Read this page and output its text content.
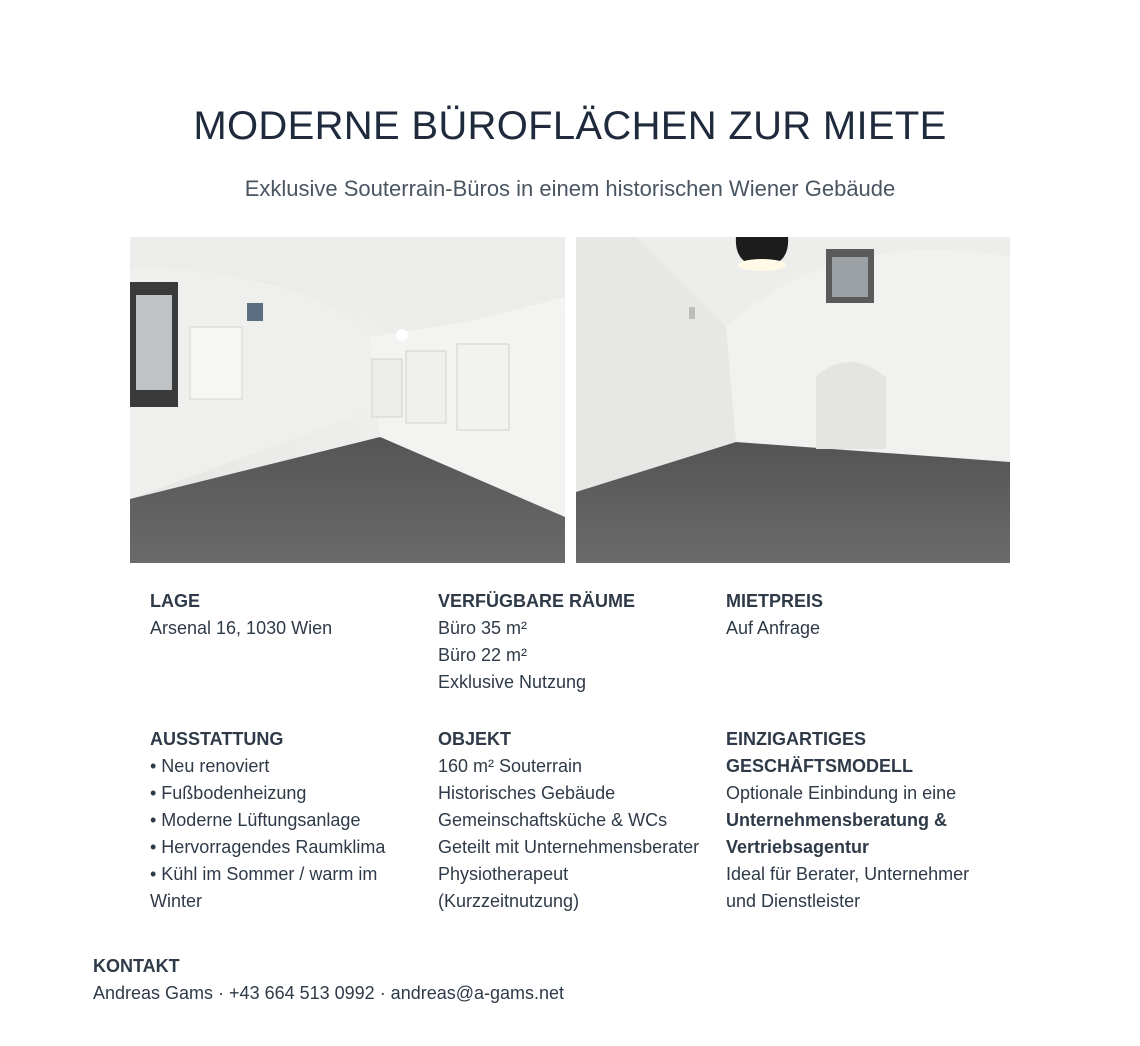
MODERNE BÜROFLÄCHEN ZUR MIETE
Exklusive Souterrain-Büros in einem historischen Wiener Gebäude
LAGE
Arsenal 16, 1030 Wien
VERFÜGBARE RÄUME
Büro 35 m²
Büro 22 m²
Exklusive Nutzung
MIETPREIS
Auf Anfrage
AUSSTATTUNG
• Neu renoviert
• Fußbodenheizung
• Moderne Lüftungsanlage
• Hervorragendes Raumklima
• Kühl im Sommer / warm im Winter
OBJEKT
160 m² Souterrain
Historisches Gebäude
Gemeinschaftsküche & WCs
Geteilt mit Unternehmensberater
Physiotherapeut
(Kurzzeitnutzung)
EINZIGARTIGES GESCHÄFTSMODELL
Optionale Einbindung in eine
Unternehmensberatung & Vertriebsagentur
Ideal für Berater, Unternehmer und Dienstleister
KONTAKT
Andreas Gams · +43 664 513 0992 · andreas@a-gams.net
